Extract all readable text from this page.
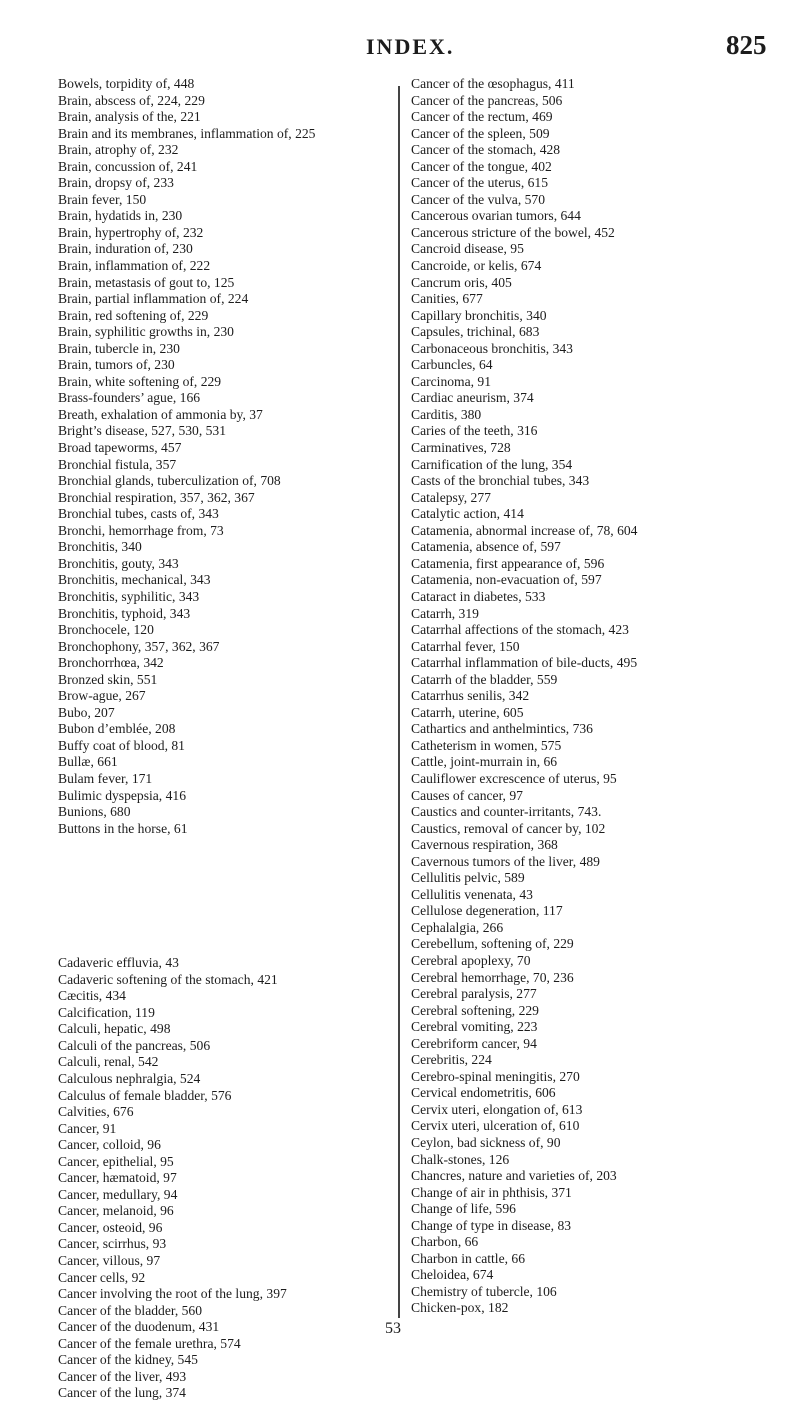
INDEX.	825
Bowels, torpidity of, 448
Brain, abscess of, 224, 229
Brain, analysis of the, 221
Brain and its membranes, inflammation of, 225
Brain, atrophy of, 232
Brain, concussion of, 241
Brain, dropsy of, 233
Brain fever, 150
Brain, hydatids in, 230
Brain, hypertrophy of, 232
Brain, induration of, 230
Brain, inflammation of, 222
Brain, metastasis of gout to, 125
Brain, partial inflammation of, 224
Brain, red softening of, 229
Brain, syphilitic growths in, 230
Brain, tubercle in, 230
Brain, tumors of, 230
Brain, white softening of, 229
Brass-founders’ ague, 166
Breath, exhalation of ammonia by, 37
Bright’s disease, 527, 530, 531
Broad tapeworms, 457
Bronchial fistula, 357
Bronchial glands, tuberculization of, 708
Bronchial respiration, 357, 362, 367
Bronchial tubes, casts of, 343
Bronchi, hemorrhage from, 73
Bronchitis, 340
Bronchitis, gouty, 343
Bronchitis, mechanical, 343
Bronchitis, syphilitic, 343
Bronchitis, typhoid, 343
Bronchocele, 120
Bronchophony, 357, 362, 367
Bronchorrhœa, 342
Bronzed skin, 551
Brow-ague, 267
Bubo, 207
Bubon d’emblée, 208
Buffy coat of blood, 81
Bullæ, 661
Bulam fever, 171
Bulimic dyspepsia, 416
Bunions, 680
Buttons in the horse, 61
Cadaveric effluvia, 43
Cadaveric softening of the stomach, 421
Cæcitis, 434
Calcification, 119
Calculi, hepatic, 498
Calculi of the pancreas, 506
Calculi, renal, 542
Calculous nephralgia, 524
Calculus of female bladder, 576
Calvities, 676
Cancer, 91
Cancer, colloid, 96
Cancer, epithelial, 95
Cancer, hæmatoid, 97
Cancer, medullary, 94
Cancer, melanoid, 96
Cancer, osteoid, 96
Cancer, scirrhus, 93
Cancer, villous, 97
Cancer cells, 92
Cancer involving the root of the lung, 397
Cancer of the bladder, 560
Cancer of the duodenum, 431
Cancer of the female urethra, 574
Cancer of the kidney, 545
Cancer of the liver, 493
Cancer of the lung, 374
Cancer of the œsophagus, 411
Cancer of the pancreas, 506
Cancer of the rectum, 469
Cancer of the spleen, 509
Cancer of the stomach, 428
Cancer of the tongue, 402
Cancer of the uterus, 615
Cancer of the vulva, 570
Cancerous ovarian tumors, 644
Cancerous stricture of the bowel, 452
Cancroid disease, 95
Cancroide, or kelis, 674
Cancrum oris, 405
Canities, 677
Capillary bronchitis, 340
Capsules, trichinal, 683
Carbonaceous bronchitis, 343
Carbuncles, 64
Carcinoma, 91
Cardiac aneurism, 374
Carditis, 380
Caries of the teeth, 316
Carminatives, 728
Carnification of the lung, 354
Casts of the bronchial tubes, 343
Catalepsy, 277
Catalytic action, 414
Catamenia, abnormal increase of, 78, 604
Catamenia, absence of, 597
Catamenia, first appearance of, 596
Catamenia, non-evacuation of, 597
Cataract in diabetes, 533
Catarrh, 319
Catarrhal affections of the stomach, 423
Catarrhal fever, 150
Catarrhal inflammation of bile-ducts, 495
Catarrh of the bladder, 559
Catarrhus senilis, 342
Catarrh, uterine, 605
Cathartics and anthelmintics, 736
Catheterism in women, 575
Cattle, joint-murrain in, 66
Cauliflower excrescence of uterus, 95
Causes of cancer, 97
Caustics and counter-irritants, 743.
Caustics, removal of cancer by, 102
Cavernous respiration, 368
Cavernous tumors of the liver, 489
Cellulitis pelvic, 589
Cellulitis venenata, 43
Cellulose degeneration, 117
Cephalalgia, 266
Cerebellum, softening of, 229
Cerebral apoplexy, 70
Cerebral hemorrhage, 70, 236
Cerebral paralysis, 277
Cerebral softening, 229
Cerebral vomiting, 223
Cerebriform cancer, 94
Cerebritis, 224
Cerebro-spinal meningitis, 270
Cervical endometritis, 606
Cervix uteri, elongation of, 613
Cervix uteri, ulceration of, 610
Ceylon, bad sickness of, 90
Chalk-stones, 126
Chancres, nature and varieties of, 203
Change of air in phthisis, 371
Change of life, 596
Change of type in disease, 83
Charbon, 66
Charbon in cattle, 66
Cheloidea, 674
Chemistry of tubercle, 106
Chicken-pox, 182
53
